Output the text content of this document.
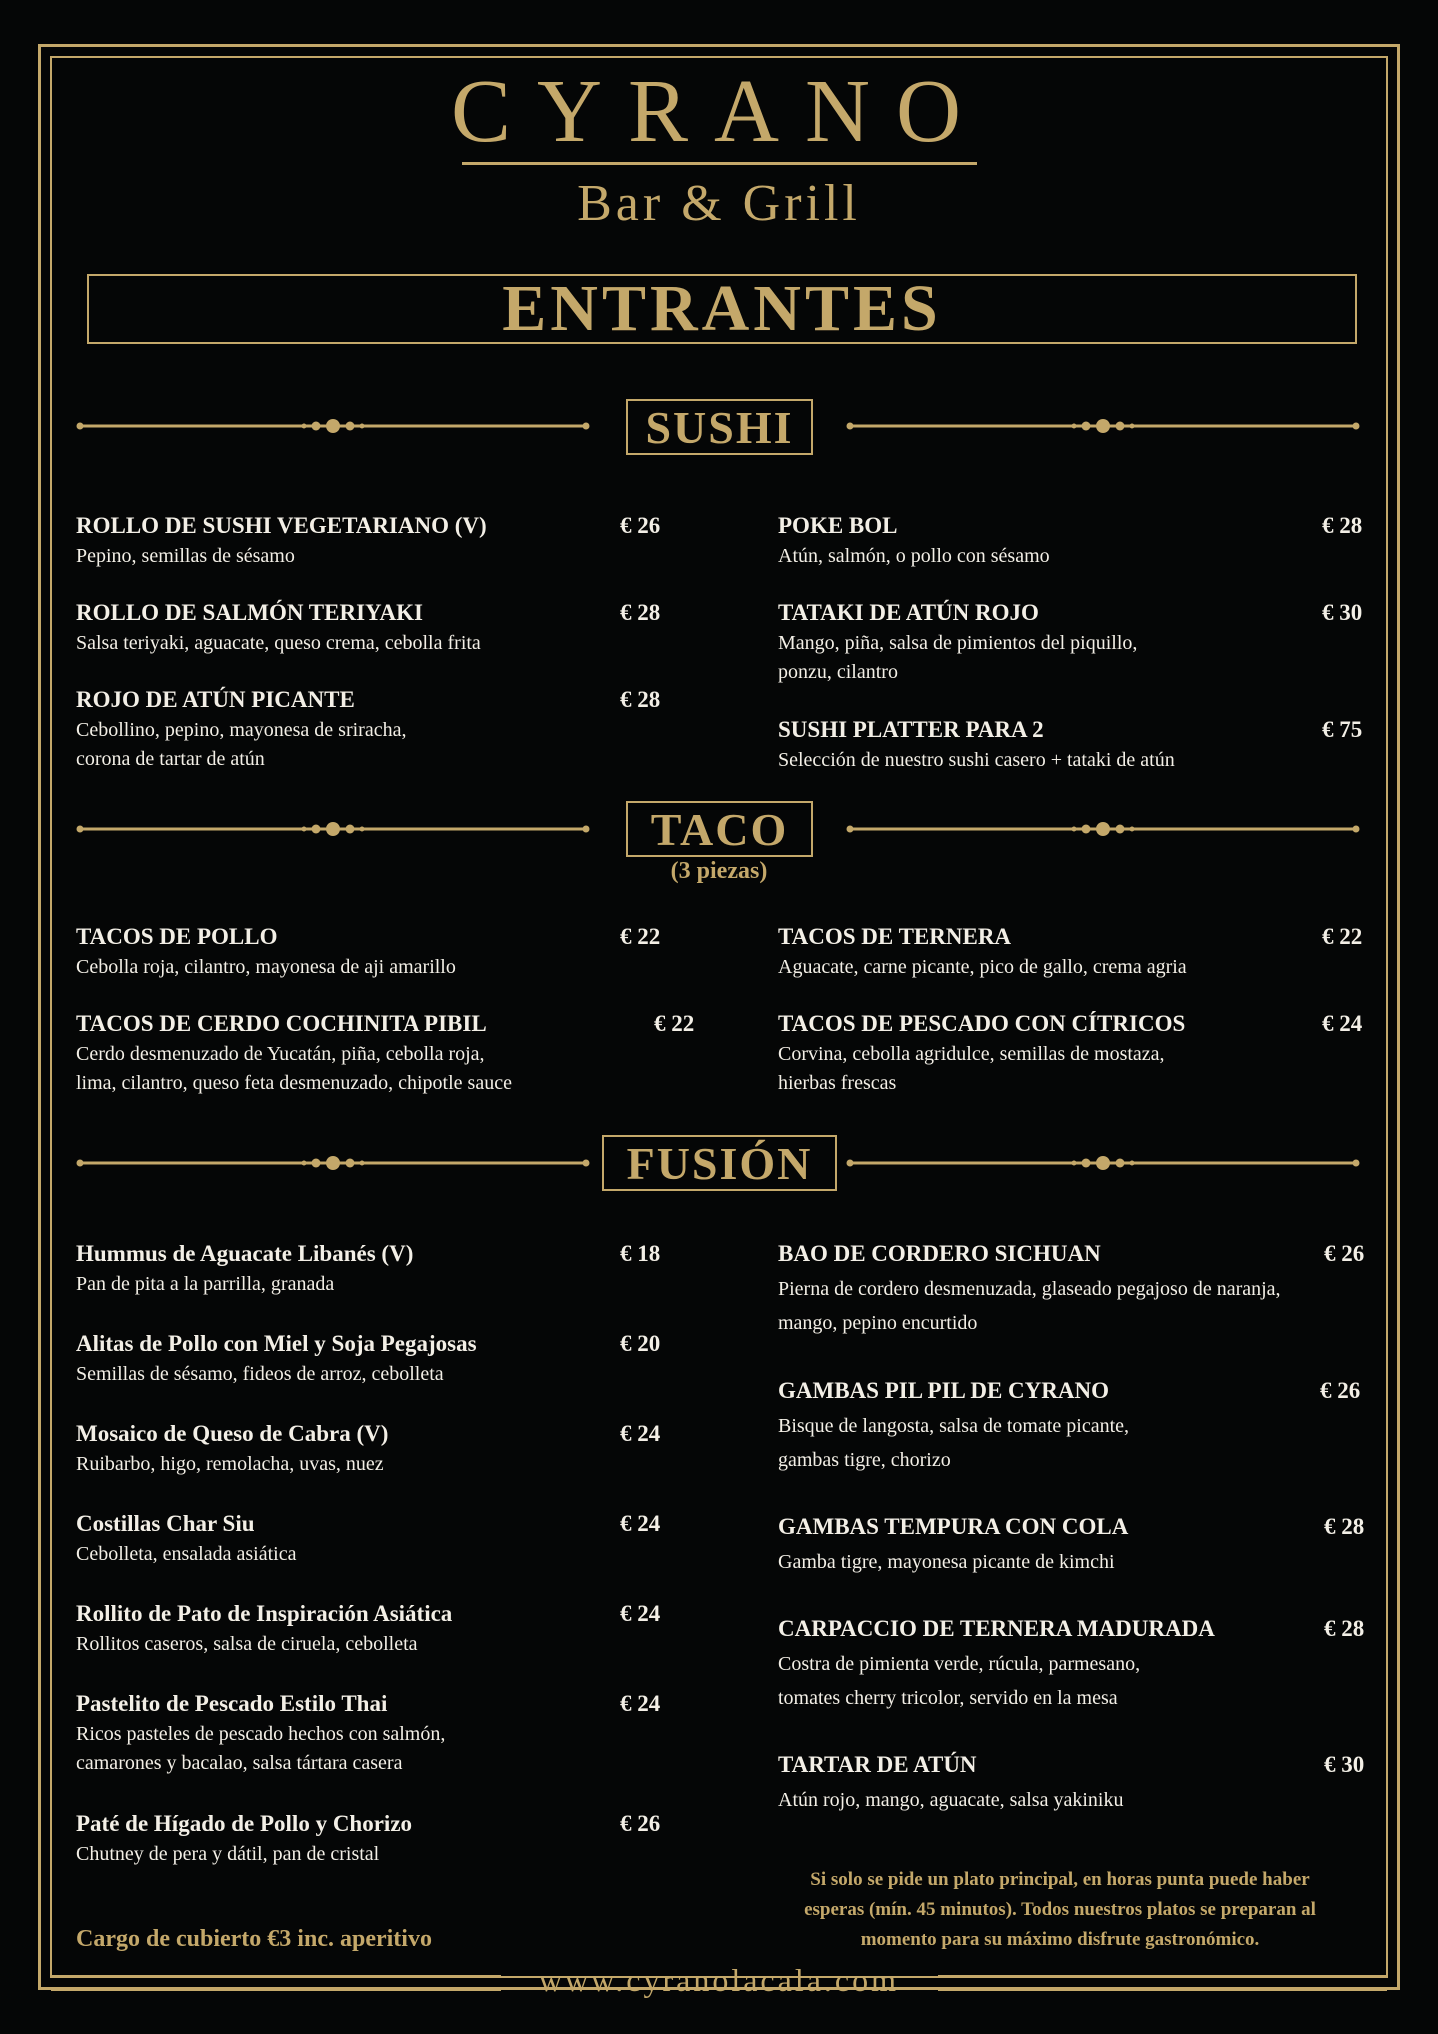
CYRANO
Bar & Grill
ENTRANTES
SUSHI
ROLLO DE SUSHI VEGETARIANO (V)
Pepino, semillas de sésamo
€ 26
ROLLO DE SALMÓN TERIYAKI
Salsa teriyaki, aguacate, queso crema, cebolla frita
€ 28
ROJO DE ATÚN PICANTE
Cebollino, pepino, mayonesa de sriracha,
corona de tartar de atún
€ 28
POKE BOL
Atún, salmón, o pollo con sésamo
€ 28
TATAKI DE ATÚN ROJO
Mango, piña, salsa de pimientos del piquillo,
ponzu, cilantro
€ 30
SUSHI PLATTER PARA 2
Selección de nuestro sushi casero + tataki de atún
€ 75
TACO
(3 piezas)
TACOS DE POLLO
Cebolla roja, cilantro, mayonesa de aji amarillo
€ 22
TACOS DE CERDO COCHINITA PIBIL
Cerdo desmenuzado de Yucatán, piña, cebolla roja,
lima, cilantro, queso feta desmenuzado, chipotle sauce
€ 22
TACOS DE TERNERA
Aguacate, carne picante, pico de gallo, crema agria
€ 22
TACOS DE PESCADO CON CÍTRICOS
Corvina, cebolla agridulce, semillas de mostaza,
hierbas frescas
€ 24
FUSIÓN
Hummus de Aguacate Libanés (V)
Pan de pita a la parrilla, granada
€ 18
Alitas de Pollo con Miel y Soja Pegajosas
Semillas de sésamo, fideos de arroz, cebolleta
€ 20
Mosaico de Queso de Cabra (V)
Ruibarbo, higo, remolacha, uvas, nuez
€ 24
Costillas Char Siu
Cebolleta, ensalada asiática
€ 24
Rollito de Pato de Inspiración Asiática
Rollitos caseros, salsa de ciruela, cebolleta
€ 24
Pastelito de Pescado Estilo Thai
Ricos pasteles de pescado hechos con salmón,
camarones y bacalao, salsa tártara casera
€ 24
Paté de Hígado de Pollo y Chorizo
Chutney de pera y dátil, pan de cristal
€ 26
BAO DE CORDERO SICHUAN
Pierna de cordero desmenuzada, glaseado pegajoso de naranja,
mango, pepino encurtido
€ 26
GAMBAS PIL PIL DE CYRANO
Bisque de langosta, salsa de tomate picante,
gambas tigre, chorizo
€ 26
GAMBAS TEMPURA CON COLA
Gamba tigre, mayonesa picante de kimchi
€ 28
CARPACCIO DE TERNERA MADURADA
Costra de pimienta verde, rúcula, parmesano,
tomates cherry tricolor, servido en la mesa
€ 28
TARTAR DE ATÚN
Atún rojo, mango, aguacate, salsa yakiniku
€ 30
Cargo de cubierto €3 inc. aperitivo
Si solo se pide un plato principal, en horas punta puede haber
esperas (mín. 45 minutos). Todos nuestros platos se preparan al
momento para su máximo disfrute gastronómico.
www.cyranolacala.com
